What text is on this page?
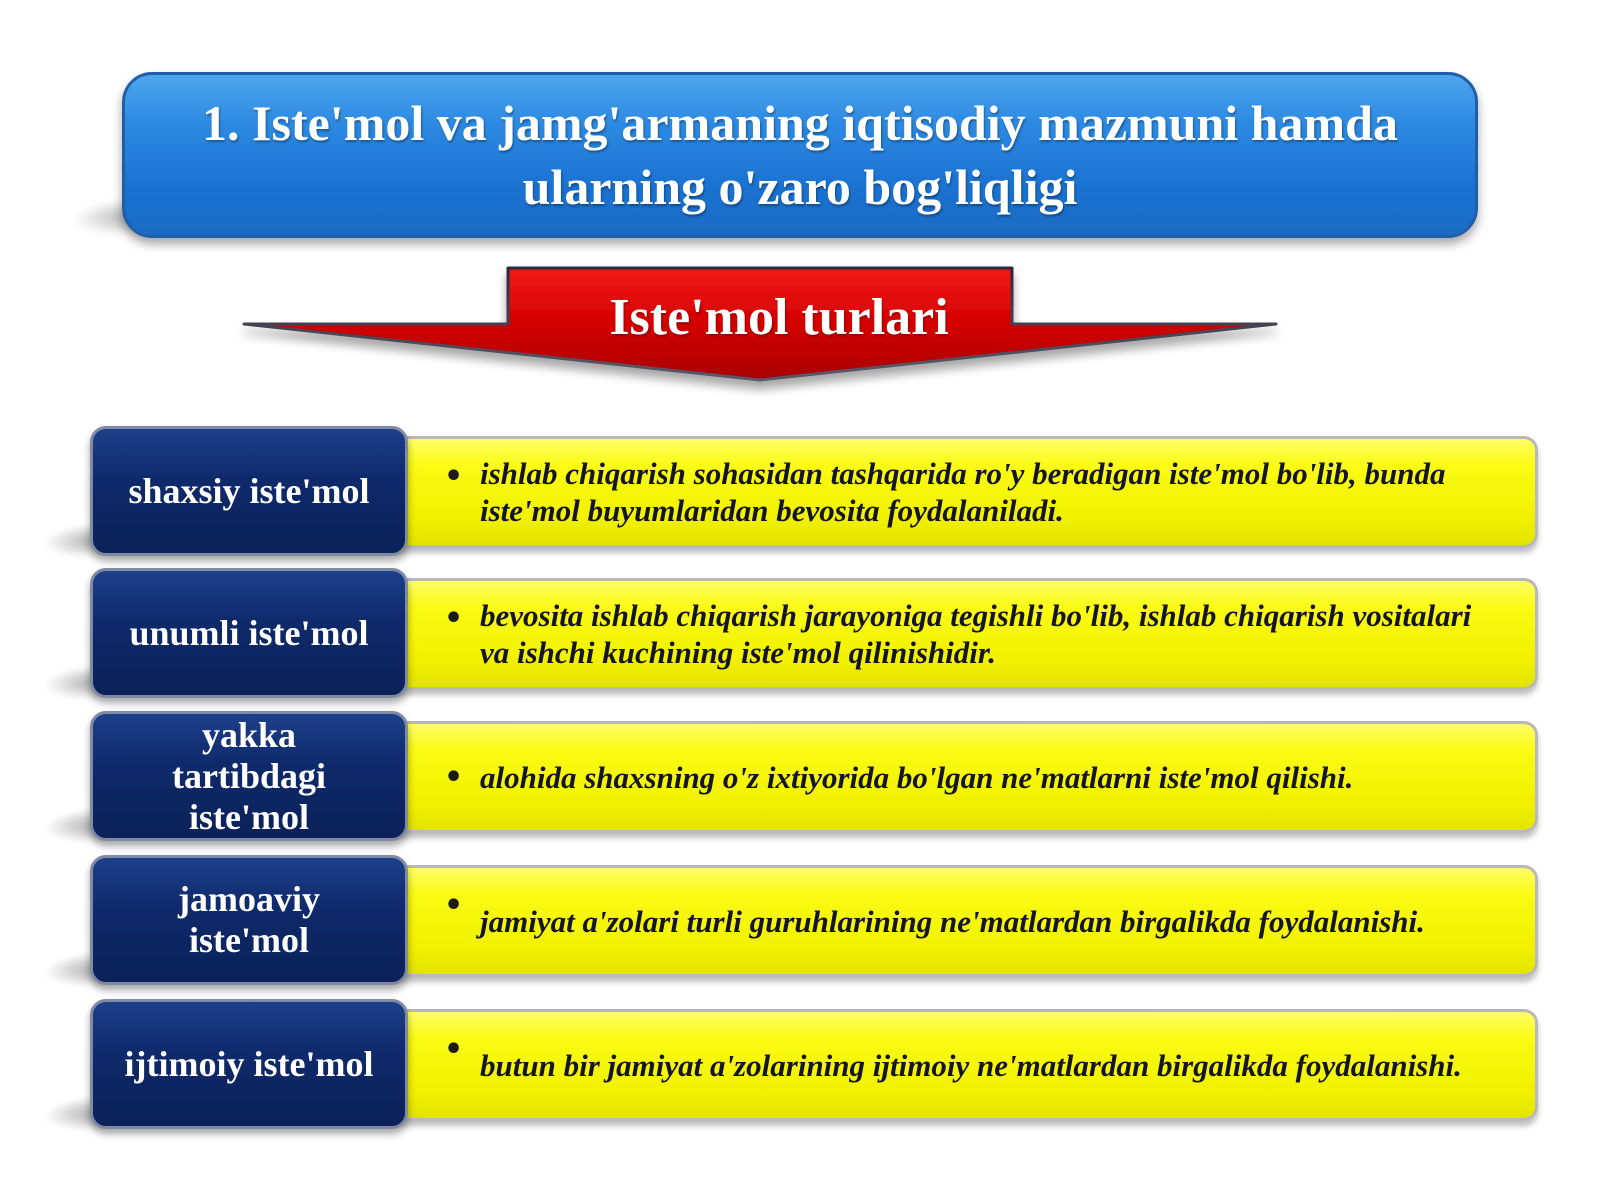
1. Iste'mol va jamg'armaning iqtisodiy mazmuni hamda ularning o'zaro bog'liqligi
Iste'mol turlari
shaxsiy iste'mol • ishlab chiqarish sohasidan tashqarida ro'y beradigan iste'mol bo'lib, bunda iste'mol buyumlaridan bevosita foydalaniladi.
unumli iste'mol	• bevosita ishlab chiqarish jarayoniga tegishli bo'lib, ishlab chiqarish vositalari va ishchi kuchining iste'mol qilinishidir.
yakka tartibdagi iste'mol
• alohida shaxsning o'z ixtiyorida bo'lgan ne'matlarni iste'mol qilishi.
jamoaviy iste'mol
• jamiyat a'zolari turli guruhlarining ne'matlardan birgalikda foydalanishi.
ijtimoiy iste'mol • butun bir jamiyat a'zolarining ijtimoiy ne'matlardan birgalikda foydalanishi.
